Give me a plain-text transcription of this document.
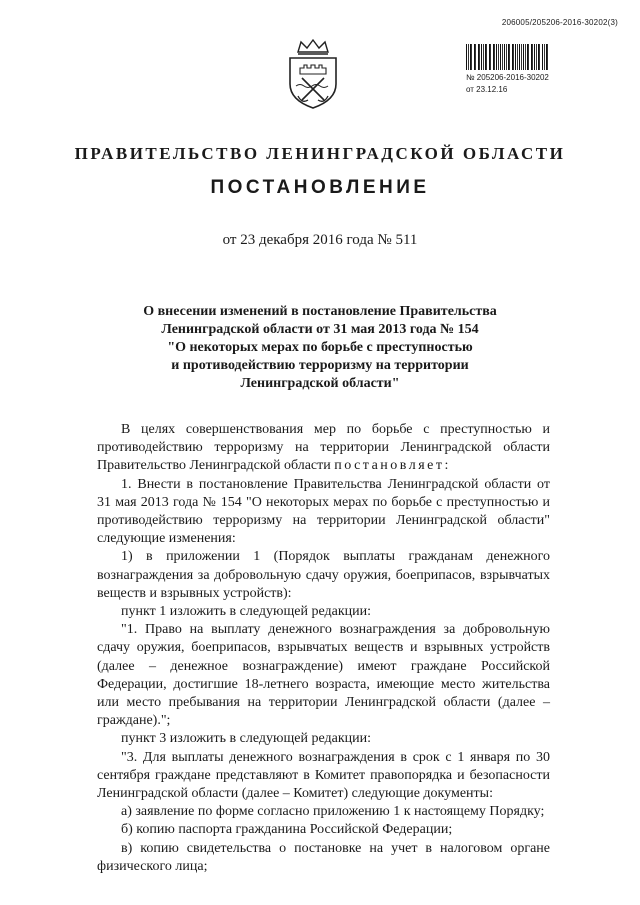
206005/205206-2016-30202(3)
№ 205206-2016-30202
от 23.12.16
ПРАВИТЕЛЬСТВО ЛЕНИНГРАДСКОЙ ОБЛАСТИ
ПОСТАНОВЛЕНИЕ
от 23 декабря 2016 года № 511
О внесении изменений в постановление Правительства
Ленинградской области от 31 мая 2013 года № 154
"О некоторых мерах по борьбе с преступностью
и противодействию терроризму на территории
Ленинградской области"

В целях совершенствования мер по борьбе с преступностью и противодействию терроризму на территории Ленинградской области Правительство Ленинградской области постановляет:

1. Внести в постановление Правительства Ленинградской области от 31 мая 2013 года № 154 "О некоторых мерах по борьбе с преступностью и противодействию терроризму на территории Ленинградской области" следующие изменения:

1) в приложении 1 (Порядок выплаты гражданам денежного вознаграждения за добровольную сдачу оружия, боеприпасов, взрывчатых веществ и взрывных устройств):

пункт 1 изложить в следующей редакции:

"1. Право на выплату денежного вознаграждения за добровольную сдачу оружия, боеприпасов, взрывчатых веществ и взрывных устройств (далее – денежное вознаграждение) имеют граждане Российской Федерации, достигшие 18-летнего возраста, имеющие место жительства или место пребывания на территории Ленинградской области (далее – граждане).";

пункт 3 изложить в следующей редакции:

"3. Для выплаты денежного вознаграждения в срок с 1 января по 30 сентября граждане представляют в Комитет правопорядка и безопасности Ленинградской области (далее – Комитет) следующие документы:

а) заявление по форме согласно приложению 1 к настоящему Порядку;

б) копию паспорта гражданина Российской Федерации;

в) копию свидетельства о постановке на учет в налоговом органе

физического лица;
